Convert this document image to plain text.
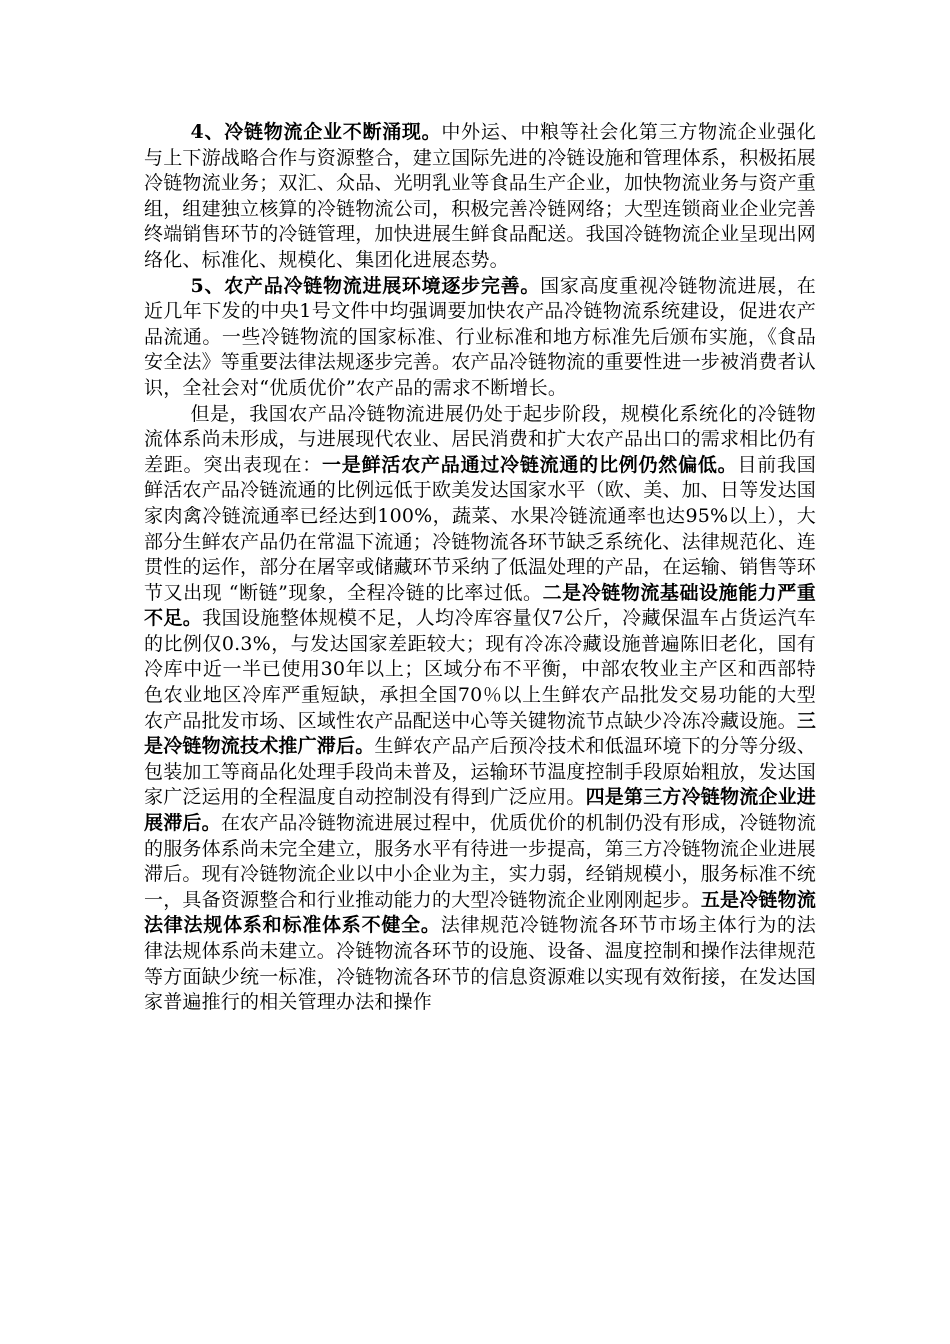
4、冷链物流企业不断涌现。中外运、中粮等社会化第三方物流企业强化与上下游战略合作与资源整合，建立国际先进的冷链设施和管理体系，积极拓展冷链物流业务；双汇、众品、光明乳业等食品生产企业，加快物流业务与资产重组，组建独立核算的冷链物流公司，积极完善冷链网络；大型连锁商业企业完善终端销售环节的冷链管理，加快进展生鲜食品配送。我国冷链物流企业呈现出网络化、标准化、规模化、集团化进展态势。

5、农产品冷链物流进展环境逐步完善。国家高度重视冷链物流进展，在近几年下发的中央1号文件中均强调要加快农产品冷链物流系统建设，促进农产品流通。一些冷链物流的国家标准、行业标准和地方标准先后颁布实施，《食品安全法》等重要法律法规逐步完善。农产品冷链物流的重要性进一步被消费者认识，全社会对“优质优价”农产品的需求不断增长。

但是，我国农产品冷链物流进展仍处于起步阶段，规模化系统化的冷链物流体系尚未形成，与进展现代农业、居民消费和扩大农产品出口的需求相比仍有差距。突出表现在：一是鲜活农产品通过冷链流通的比例仍然偏低。目前我国鲜活农产品冷链流通的比例远低于欧美发达国家水平（欧、美、加、日等发达国家肉禽冷链流通率已经达到100%，蔬菜、水果冷链流通率也达95%以上），大部分生鲜农产品仍在常温下流通；冷链物流各环节缺乏系统化、法律规范化、连贯性的运作，部分在屠宰或储藏环节采纳了低温处理的产品，在运输、销售等环节又出现 “断链”现象，全程冷链的比率过低。二是冷链物流基础设施能力严重不足。我国设施整体规模不足，人均冷库容量仅7公斤，冷藏保温车占货运汽车的比例仅0.3%，与发达国家差距较大；现有冷冻冷藏设施普遍陈旧老化，国有冷库中近一半已使用30年以上；区域分布不平衡，中部农牧业主产区和西部特色农业地区冷库严重短缺，承担全国70％以上生鲜农产品批发交易功能的大型农产品批发市场、区域性农产品配送中心等关键物流节点缺少冷冻冷藏设施。三是冷链物流技术推广滞后。生鲜农产品产后预冷技术和低温环境下的分等分级、包装加工等商品化处理手段尚未普及，运输环节温度控制手段原始粗放，发达国家广泛运用的全程温度自动控制没有得到广泛应用。四是第三方冷链物流企业进展滞后。在农产品冷链物流进展过程中，优质优价的机制仍没有形成，冷链物流的服务体系尚未完全建立，服务水平有待进一步提高，第三方冷链物流企业进展滞后。现有冷链物流企业以中小企业为主，实力弱，经销规模小，服务标准不统一，具备资源整合和行业推动能力的大型冷链物流企业刚刚起步。五是冷链物流法律法规体系和标准体系不健全。法律规范冷链物流各环节市场主体行为的法律法规体系尚未建立。冷链物流各环节的设施、设备、温度控制和操作法律规范等方面缺少统一标准，冷链物流各环节的信息资源难以实现有效衔接，在发达国家普遍推行的相关管理办法和操作
